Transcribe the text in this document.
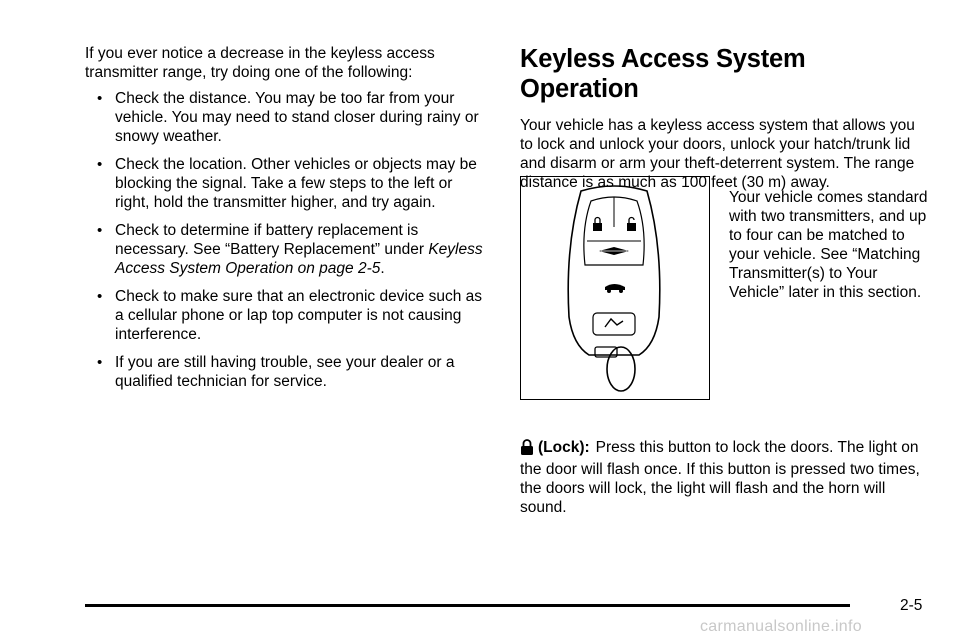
If you ever notice a decrease in the keyless access transmitter range, try doing one of the following:

• Check the distance. You may be too far from your vehicle. You may need to stand closer during rainy or snowy weather.
• Check the location. Other vehicles or objects may be blocking the signal. Take a few steps to the left or right, hold the transmitter higher, and try again.
• Check to determine if battery replacement is necessary. See “Battery Replacement” under Keyless Access System Operation on page 2-5.
• Check to make sure that an electronic device such as a cellular phone or lap top computer is not causing interference.
• If you are still having trouble, see your dealer or a qualified technician for service.
Keyless Access System Operation

Your vehicle has a keyless access system that allows you to lock and unlock your doors, unlock your hatch/trunk lid and disarm or arm your theft-deterrent system. The range distance is as much as 100 feet (30 m) away.

Your vehicle comes standard with two transmitters, and up to four can be matched to your vehicle. See “Matching Transmitter(s) to Your Vehicle” later in this section.

(Lock): Press this button to lock the doors. The light on the door will flash once. If this button is pressed two times, the doors will lock, the light will flash and the horn will sound.

2-5
carmanualsonline.info
